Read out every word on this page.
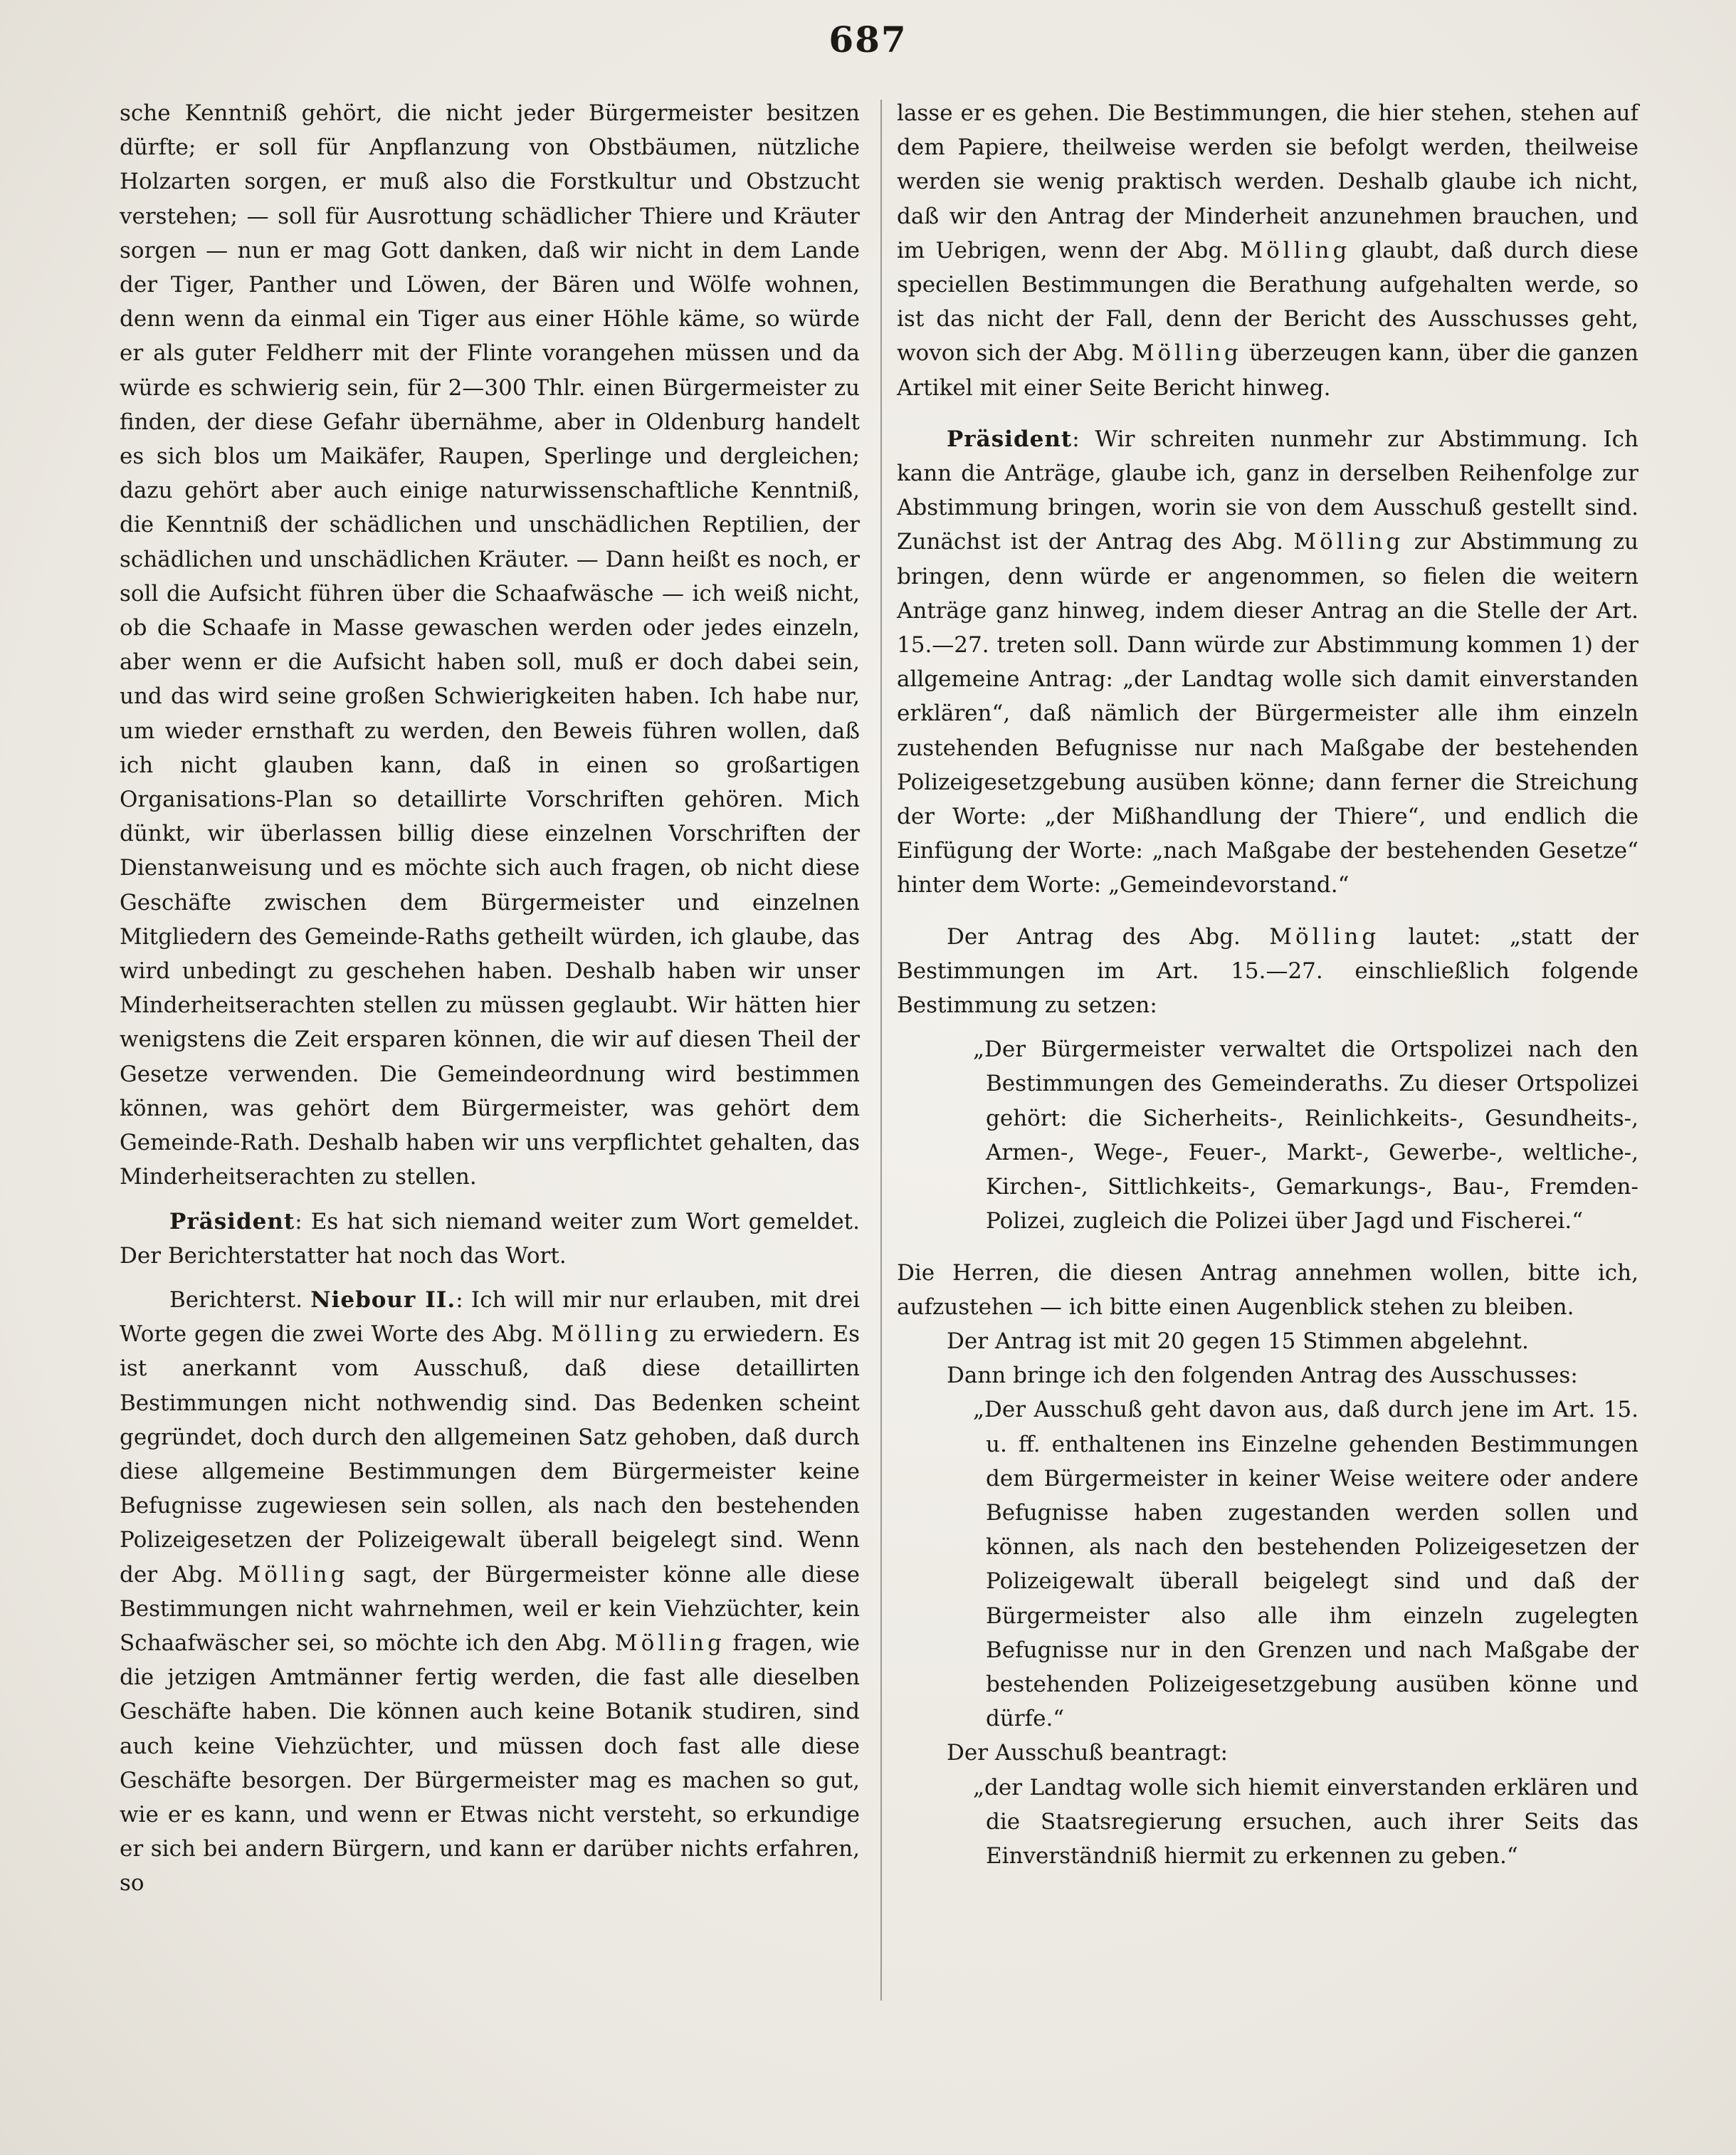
687

sche Kenntniß gehört, die nicht jeder Bürgermeister besitzen dürfte; er soll für Anpflanzung von Obstbäumen, nützliche Holzarten sorgen, er muß also die Forstkultur und Obstzucht verstehen; — soll für Ausrottung schädlicher Thiere und Kräuter sorgen — nun er mag Gott danken, daß wir nicht in dem Lande der Tiger, Panther und Löwen, der Bären und Wölfe wohnen, denn wenn da einmal ein Tiger aus einer Höhle käme, so würde er als guter Feldherr mit der Flinte vorangehen müssen und da würde es schwierig sein, für 2—300 Thlr. einen Bürgermeister zu finden, der diese Gefahr übernähme, aber in Oldenburg handelt es sich blos um Maikäfer, Raupen, Sperlinge und dergleichen; dazu gehört aber auch einige naturwissenschaftliche Kenntniß, die Kenntniß der schädlichen und unschädlichen Reptilien, der schädlichen und unschädlichen Kräuter. — Dann heißt es noch, er soll die Aufsicht führen über die Schaafwäsche — ich weiß nicht, ob die Schaafe in Masse gewaschen werden oder jedes einzeln, aber wenn er die Aufsicht haben soll, muß er doch dabei sein, und das wird seine großen Schwierigkeiten haben. Ich habe nur, um wieder ernsthaft zu werden, den Beweis führen wollen, daß ich nicht glauben kann, daß in einen so großartigen Organisations-Plan so detaillirte Vorschriften gehören. Mich dünkt, wir überlassen billig diese einzelnen Vorschriften der Dienstanweisung und es möchte sich auch fragen, ob nicht diese Geschäfte zwischen dem Bürgermeister und einzelnen Mitgliedern des Gemeinde-Raths getheilt würden, ich glaube, das wird unbedingt zu geschehen haben. Deshalb haben wir unser Minderheitserachten stellen zu müssen geglaubt. Wir hätten hier wenigstens die Zeit ersparen können, die wir auf diesen Theil der Gesetze verwenden. Die Gemeindeordnung wird bestimmen können, was gehört dem Bürgermeister, was gehört dem Gemeinde-Rath. Deshalb haben wir uns verpflichtet gehalten, das Minderheitserachten zu stellen.

Präsident: Es hat sich niemand weiter zum Wort gemeldet. Der Berichterstatter hat noch das Wort.

Berichterst. Niebour II.: Ich will mir nur erlauben, mit drei Worte gegen die zwei Worte des Abg. Mölling zu erwiedern. Es ist anerkannt vom Ausschuß, daß diese detaillirten Bestimmungen nicht nothwendig sind. Das Bedenken scheint gegründet, doch durch den allgemeinen Satz gehoben, daß durch diese allgemeine Bestimmungen dem Bürgermeister keine Befugnisse zugewiesen sein sollen, als nach den bestehenden Polizeigesetzen der Polizeigewalt überall beigelegt sind. Wenn der Abg. Mölling sagt, der Bürgermeister könne alle diese Bestimmungen nicht wahrnehmen, weil er kein Viehzüchter, kein Schaafwäscher sei, so möchte ich den Abg. Mölling fragen, wie die jetzigen Amtmänner fertig werden, die fast alle dieselben Geschäfte haben. Die können auch keine Botanik studiren, sind auch keine Viehzüchter, und müssen doch fast alle diese Geschäfte besorgen. Der Bürgermeister mag es machen so gut, wie er es kann, und wenn er Etwas nicht versteht, so erkundige er sich bei andern Bürgern, und kann er darüber nichts erfahren, so

lasse er es gehen. Die Bestimmungen, die hier stehen, stehen auf dem Papiere, theilweise werden sie befolgt werden, theilweise werden sie wenig praktisch werden. Deshalb glaube ich nicht, daß wir den Antrag der Minderheit anzunehmen brauchen, und im Uebrigen, wenn der Abg. Mölling glaubt, daß durch diese speciellen Bestimmungen die Berathung aufgehalten werde, so ist das nicht der Fall, denn der Bericht des Ausschusses geht, wovon sich der Abg. Mölling überzeugen kann, über die ganzen Artikel mit einer Seite Bericht hinweg.

Präsident: Wir schreiten nunmehr zur Abstimmung. Ich kann die Anträge, glaube ich, ganz in derselben Reihenfolge zur Abstimmung bringen, worin sie von dem Ausschuß gestellt sind. Zunächst ist der Antrag des Abg. Mölling zur Abstimmung zu bringen, denn würde er angenommen, so fielen die weitern Anträge ganz hinweg, indem dieser Antrag an die Stelle der Art. 15.—27. treten soll. Dann würde zur Abstimmung kommen 1) der allgemeine Antrag: „der Landtag wolle sich damit einverstanden erklären“, daß nämlich der Bürgermeister alle ihm einzeln zustehenden Befugnisse nur nach Maßgabe der bestehenden Polizeigesetzgebung ausüben könne; dann ferner die Streichung der Worte: „der Mißhandlung der Thiere“, und endlich die Einfügung der Worte: „nach Maßgabe der bestehenden Gesetze“ hinter dem Worte: „Gemeindevorstand.“

Der Antrag des Abg. Mölling lautet: „statt der Bestimmungen im Art. 15.—27. einschließlich folgende Bestimmung zu setzen:

„Der Bürgermeister verwaltet die Ortspolizei nach den Bestimmungen des Gemeinderaths. Zu dieser Ortspolizei gehört: die Sicherheits-, Reinlichkeits-, Gesundheits-, Armen-, Wege-, Feuer-, Markt-, Gewerbe-, weltliche-, Kirchen-, Sittlichkeits-, Gemarkungs-, Bau-, Fremden-Polizei, zugleich die Polizei über Jagd und Fischerei.“

Die Herren, die diesen Antrag annehmen wollen, bitte ich, aufzustehen — ich bitte einen Augenblick stehen zu bleiben.

Der Antrag ist mit 20 gegen 15 Stimmen abgelehnt.

Dann bringe ich den folgenden Antrag des Ausschusses:

„Der Ausschuß geht davon aus, daß durch jene im Art. 15. u. ff. enthaltenen ins Einzelne gehenden Bestimmungen dem Bürgermeister in keiner Weise weitere oder andere Befugnisse haben zugestanden werden sollen und können, als nach den bestehenden Polizeigesetzen der Polizeigewalt überall beigelegt sind und daß der Bürgermeister also alle ihm einzeln zugelegten Befugnisse nur in den Grenzen und nach Maßgabe der bestehenden Polizeigesetzgebung ausüben könne und dürfe.“

Der Ausschuß beantragt:

„der Landtag wolle sich hiemit einverstanden erklären und die Staatsregierung ersuchen, auch ihrer Seits das Einverständniß hiermit zu erkennen zu geben.“
